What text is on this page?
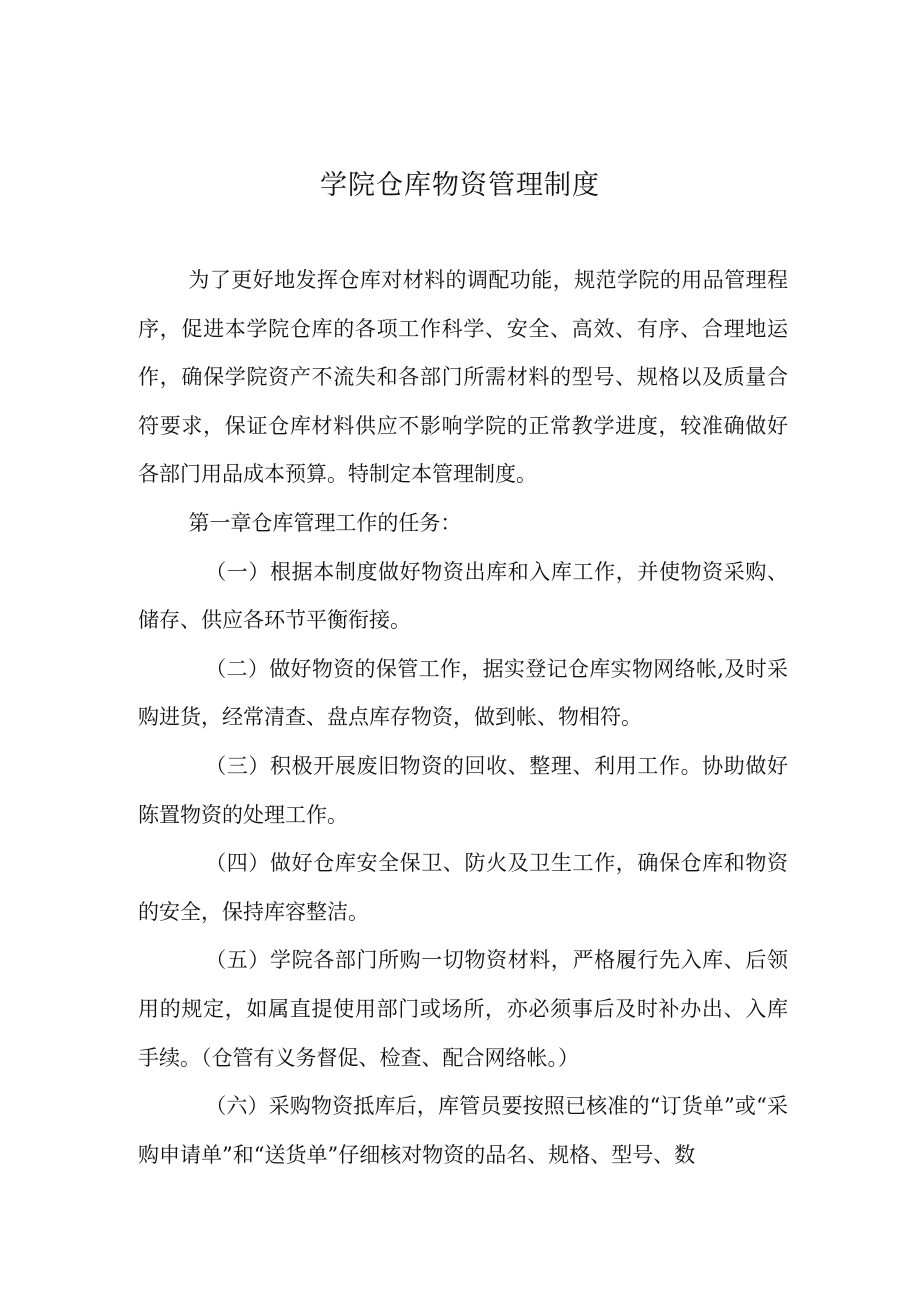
学院仓库物资管理制度

为了更好地发挥仓库对材料的调配功能，规范学院的用品管理程序，促进本学院仓库的各项工作科学、安全、高效、有序、合理地运作，确保学院资产不流失和各部门所需材料的型号、规格以及质量合符要求，保证仓库材料供应不影响学院的正常教学进度，较准确做好各部门用品成本预算。特制定本管理制度。

第一章仓库管理工作的任务：

（一）根据本制度做好物资出库和入库工作，并使物资采购、储存、供应各环节平衡衔接。

（二）做好物资的保管工作，据实登记仓库实物网络帐,及时采购进货，经常清查、盘点库存物资，做到帐、物相符。

（三）积极开展废旧物资的回收、整理、利用工作。协助做好陈置物资的处理工作。

（四）做好仓库安全保卫、防火及卫生工作，确保仓库和物资的安全，保持库容整洁。

（五）学院各部门所购一切物资材料，严格履行先入库、后领用的规定，如属直提使用部门或场所，亦必须事后及时补办出、入库手续。（仓管有义务督促、检查、配合网络帐。）

（六）采购物资抵库后，库管员要按照已核准的“订货单”或“采购申请单”和“送货单”仔细核对物资的品名、规格、型号、数
